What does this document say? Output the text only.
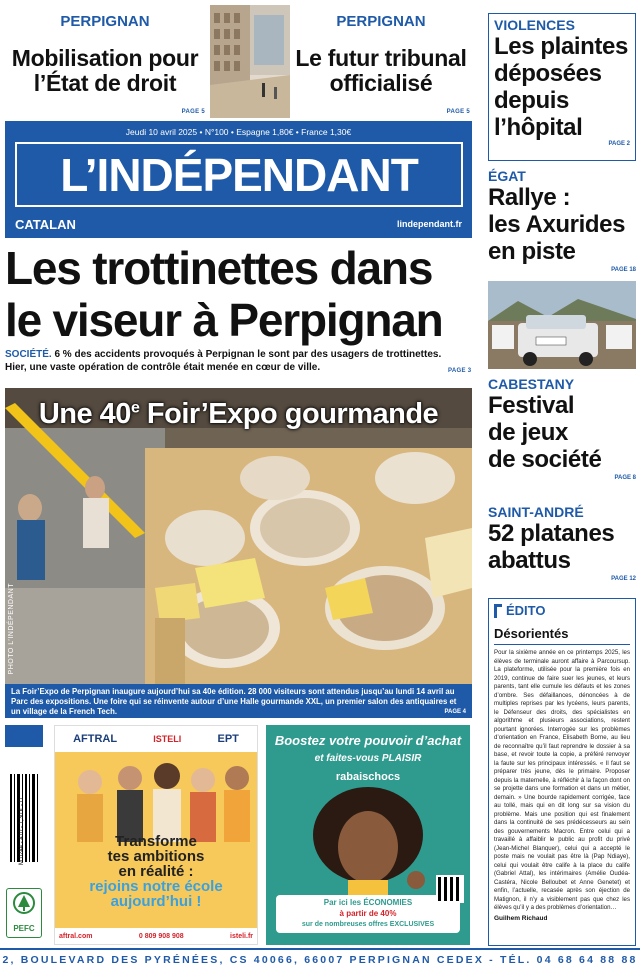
PERPIGNAN
Mobilisation pour
l’État de droit
PAGE 5
PERPIGNAN
Le futur tribunal
officialisé
PAGE 5
Jeudi 10 avril 2025 • N°100 • Espagne 1,80€ • France 1,30€
L’INDÉPENDANT
CATALAN	lindependant.fr
Les trottinettes dans
le viseur à Perpignan
SOCIÉTÉ. 6 % des accidents provoqués à Perpignan le sont par des usagers de trottinettes. Hier, une vaste opération de contrôle était menée en cœur de ville.	PAGE 3
Une 40e Foir’Expo gourmande
PHOTO L’INDÉPENDANT
La Foir’Expo de Perpignan inaugure aujourd’hui sa 40e édition. 28 000 visiteurs sont attendus jusqu’au lundi 14 avril au Parc des expositions. Une foire qui se réinvente autour d’une Halle gourmande XXL, un premier salon des antiquaires et un village de la French Tech.	PAGE 4
M 0244 - 410 - 1,30 € - D
PEFC
AFTRAL	ISTELI	EPT
Transforme
tes ambitions
en réalité :
rejoins notre école
aujourd’hui !
aftral.com	0 809 908 908	isteli.fr
Boostez votre pouvoir d’achat
et faites-vous PLAISIR
rabaischocs
Par ici les ÉCONOMIES
à partir de 40%
sur de nombreuses offres EXCLUSIVES
VIOLENCES
Les plaintes
déposées
depuis
l’hôpital
PAGE 2
ÉGAT
Rallye :
les Axurides
en piste
PAGE 18
CABESTANY
Festival
de jeux
de société
PAGE 8
SAINT-ANDRÉ
52 platanes
abattus
PAGE 12
ÉDITO
Désorientés
Pour la sixième année en ce printemps 2025, les élèves de terminale auront affaire à Parcoursup. La plateforme, utilisée pour la première fois en 2019, continue de faire suer les jeunes, et leurs parents, tant elle cumule les défauts et les zones d’ombre. Ses défaillances, dénoncées à de multiples reprises par les lycéens, leurs parents, le Défenseur des droits, des spécialistes en algorithme et plusieurs associations, restent pourtant ignorées. Interrogée sur les problèmes d’orientation en France, Elisabeth Borne, au lieu de reconnaître qu’il faut reprendre le dossier à sa base, et revoir toute la copie, a préféré renvoyer la faute sur les principaux intéressés. « Il faut se préparer très jeune, dès le primaire. Proposer depuis la maternelle, à réfléchir à la façon dont on se projette dans une formation et dans un métier, demain. » Une bourde rapidement corrigée, face au tollé, mais qui en dit long sur sa vision du problème. Mais une position qui est finalement dans la continuité de ses prédécesseurs au sein des gouvernements Macron. Entre celui qui a travaillé à affaiblir le public au profit du privé (Jean-Michel Blanquer), celui qui a accepté le poste mais ne voulait pas être là (Pap Ndiaye), celui qui voulait être calife à la place du calife (Gabriel Attal), les intérimaires (Amélie Oudéa-Castéra, Nicole Belloubet et Anne Genetet) et enfin, l’actuelle, recasée après son éjection de Matignon, il n’y a visiblement pas que chez les élèves qu’il y a des problèmes d’orientation…
Guilhem Richaud
2, BOULEVARD DES PYRÉNÉES, CS 40066, 66007 PERPIGNAN CEDEX - TÉL. 04 68 64 88 88
